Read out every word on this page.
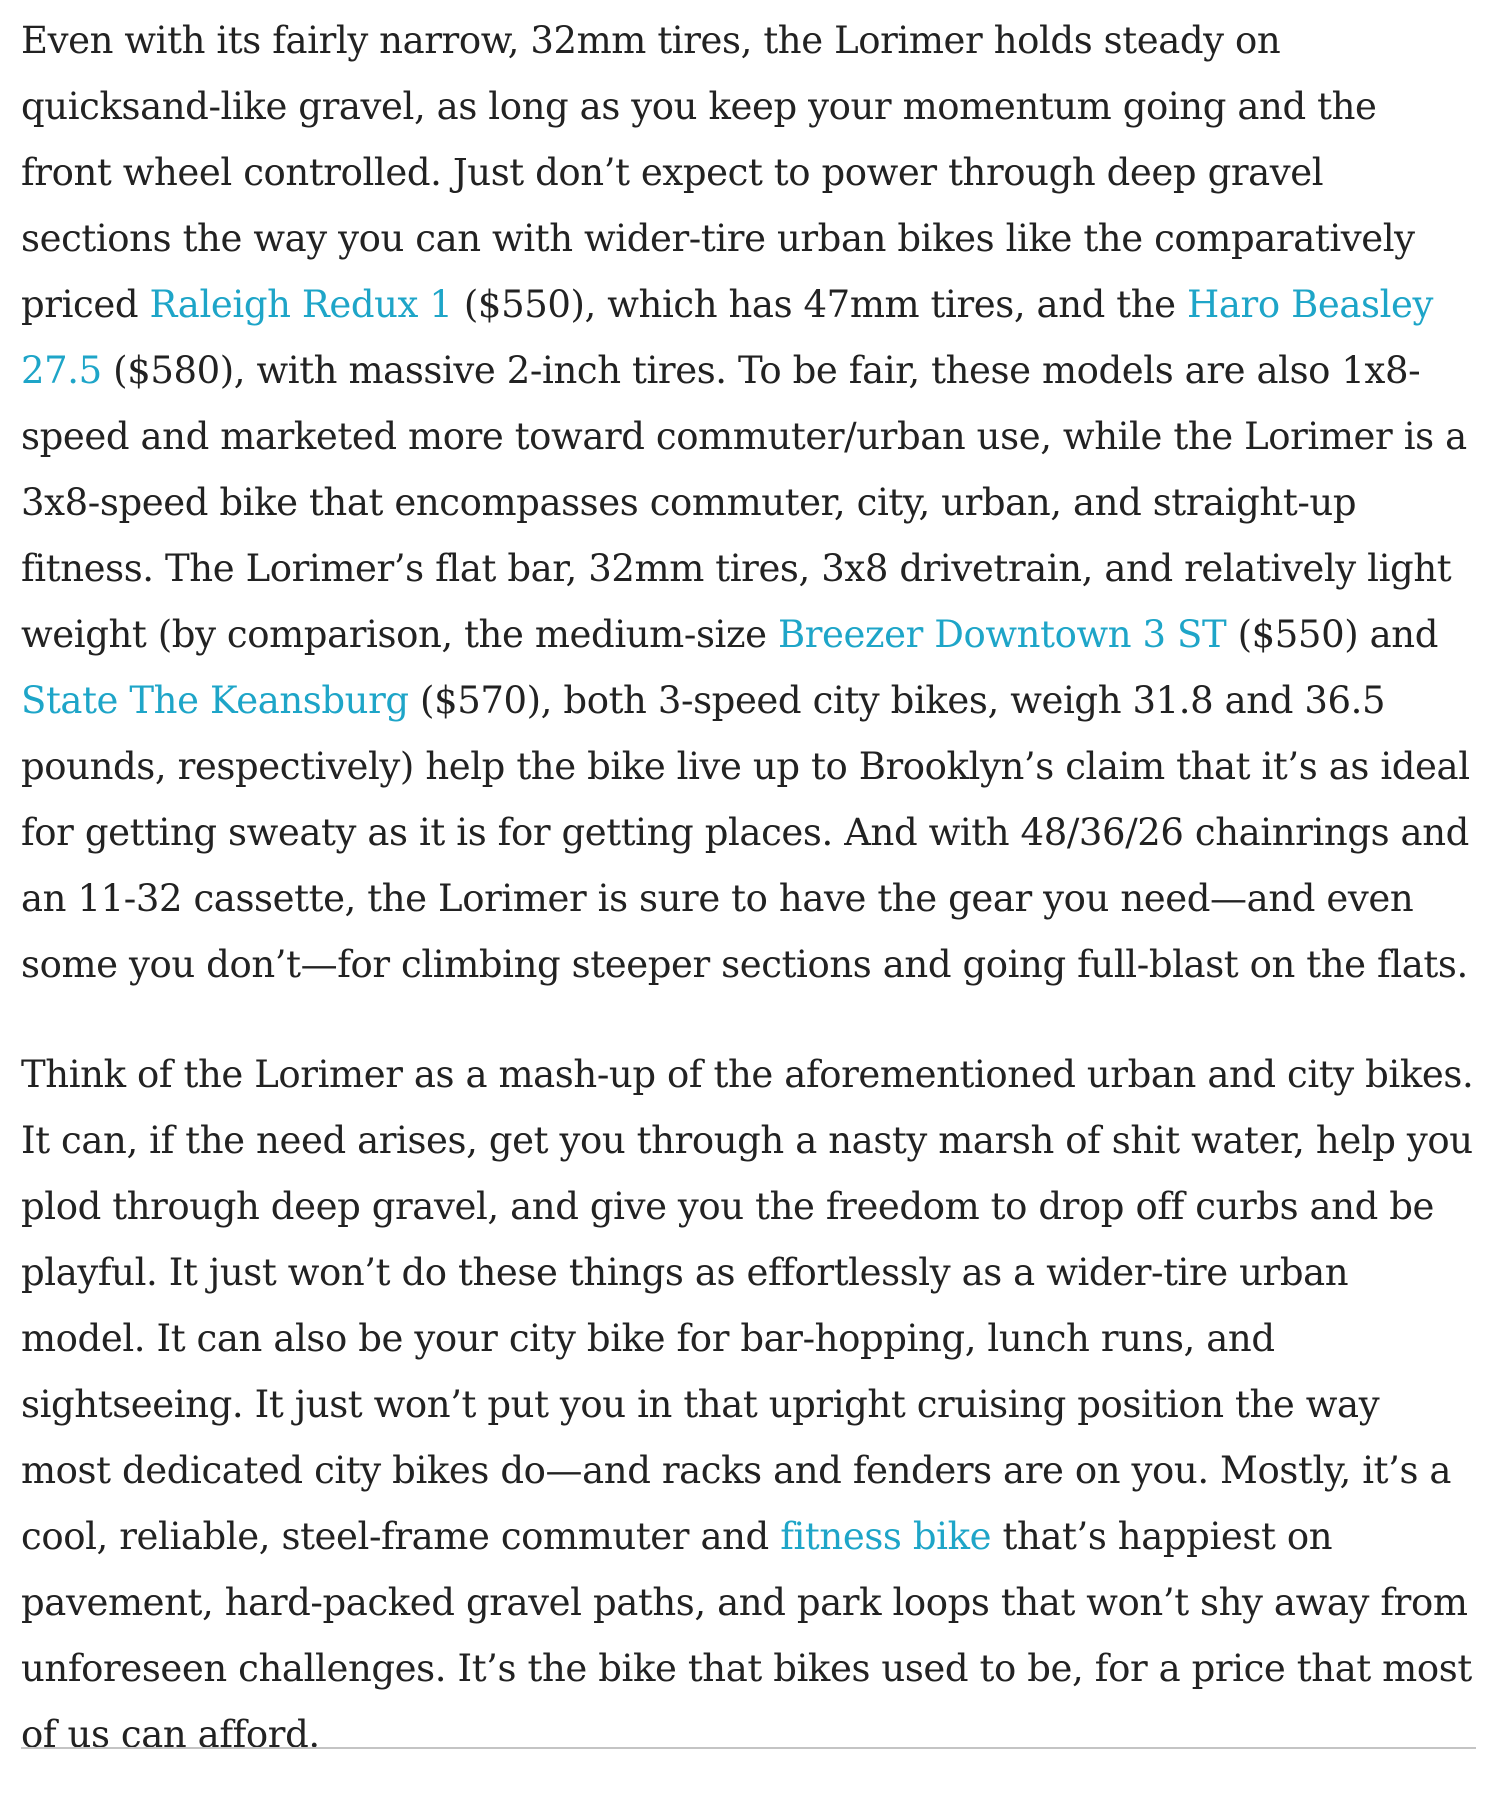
Even with its fairly narrow, 32mm tires, the Lorimer holds steady on quicksand-like gravel, as long as you keep your momentum going and the front wheel controlled. Just don’t expect to power through deep gravel sections the way you can with wider-tire urban bikes like the comparatively priced Raleigh Redux 1 ($550), which has 47mm tires, and the Haro Beasley 27.5 ($580), with massive 2-inch tires. To be fair, these models are also 1x8-speed and marketed more toward commuter/urban use, while the Lorimer is a 3x8-speed bike that encompasses commuter, city, urban, and straight-up fitness. The Lorimer’s flat bar, 32mm tires, 3x8 drivetrain, and relatively light weight (by comparison, the medium-size Breezer Downtown 3 ST ($550) and State The Keansburg ($570), both 3-speed city bikes, weigh 31.8 and 36.5 pounds, respectively) help the bike live up to Brooklyn’s claim that it’s as ideal for getting sweaty as it is for getting places. And with 48/36/26 chainrings and an 11-32 cassette, the Lorimer is sure to have the gear you need—and even some you don’t—for climbing steeper sections and going full-blast on the flats.

Think of the Lorimer as a mash-up of the aforementioned urban and city bikes. It can, if the need arises, get you through a nasty marsh of shit water, help you plod through deep gravel, and give you the freedom to drop off curbs and be playful. It just won’t do these things as effortlessly as a wider-tire urban model. It can also be your city bike for bar-hopping, lunch runs, and sightseeing. It just won’t put you in that upright cruising position the way most dedicated city bikes do—and racks and fenders are on you. Mostly, it’s a cool, reliable, steel-frame commuter and fitness bike that’s happiest on pavement, hard-packed gravel paths, and park loops that won’t shy away from unforeseen challenges. It’s the bike that bikes used to be, for a price that most of us can afford.
